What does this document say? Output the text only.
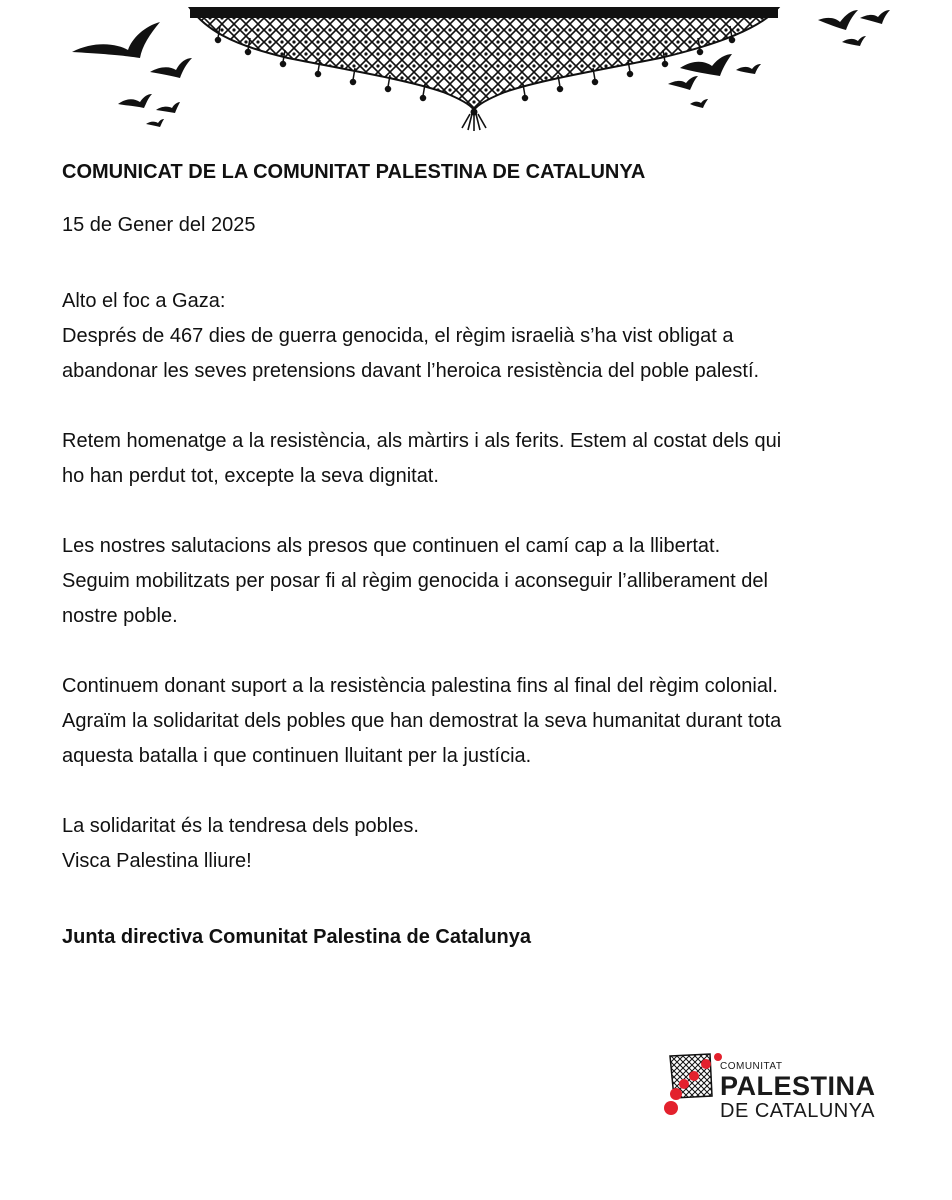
COMUNICAT DE LA COMUNITAT PALESTINA DE CATALUNYA

15 de Gener del 2025

Alto el foc a Gaza:
Després de 467 dies de guerra genocida, el règim israelià s’ha vist obligat a
abandonar les seves pretensions davant l’heroica resistència del poble palestí.

Retem homenatge a la resistència, als màrtirs i als ferits. Estem al costat dels qui
ho han perdut tot, excepte la seva dignitat.

Les nostres salutacions als presos que continuen el camí cap a la llibertat.
Seguim mobilitzats per posar fi al règim genocida i aconseguir l’alliberament del
nostre poble.

Continuem donant suport a la resistència palestina fins al final del règim colonial.
Agraïm la solidaritat dels pobles que han demostrat la seva humanitat durant tota
aquesta batalla i que continuen lluitant per la justícia.

La solidaritat és la tendresa dels pobles.
Visca Palestina lliure!

Junta directiva Comunitat Palestina de Catalunya

COMUNITAT
PALESTINA
DE CATALUNYA
